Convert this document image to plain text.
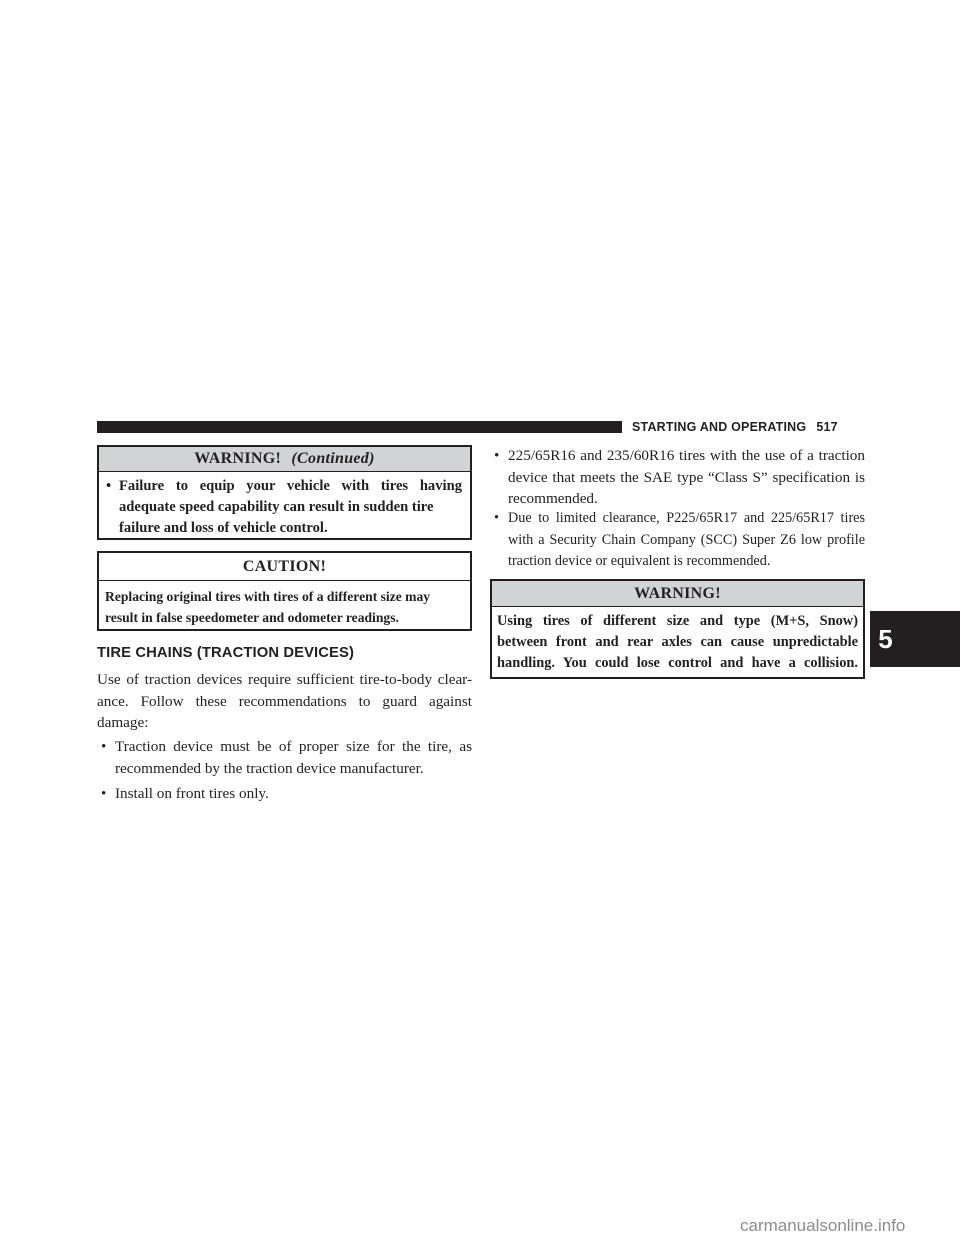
STARTING AND OPERATING 517
WARNING! (Continued)
• Failure to equip your vehicle with tires having
adequate speed capability can result in sudden tire
failure and loss of vehicle control.
CAUTION!
Replacing original tires with tires of a different size may
result in false speedometer and odometer readings.
TIRE CHAINS (TRACTION DEVICES)
Use of traction devices require sufficient tire-to-body clear-ance. Follow these recommendations to guard against damage:
• Traction device must be of proper size for the tire, as recommended by the traction device manufacturer.
• Install on front tires only.
• 225/65R16 and 235/60R16 tires with the use of a traction device that meets the SAE type “Class S” specification is recommended.
• Due to limited clearance, P225/65R17 and 225/65R17 tires with a Security Chain Company (SCC) Super Z6 low profile traction device or equivalent is recommended.
WARNING!
Using tires of different size and type (M+S, Snow)
between front and rear axles can cause unpredictable
handling. You could lose control and have a collision.
5
carmanualsonline.info
